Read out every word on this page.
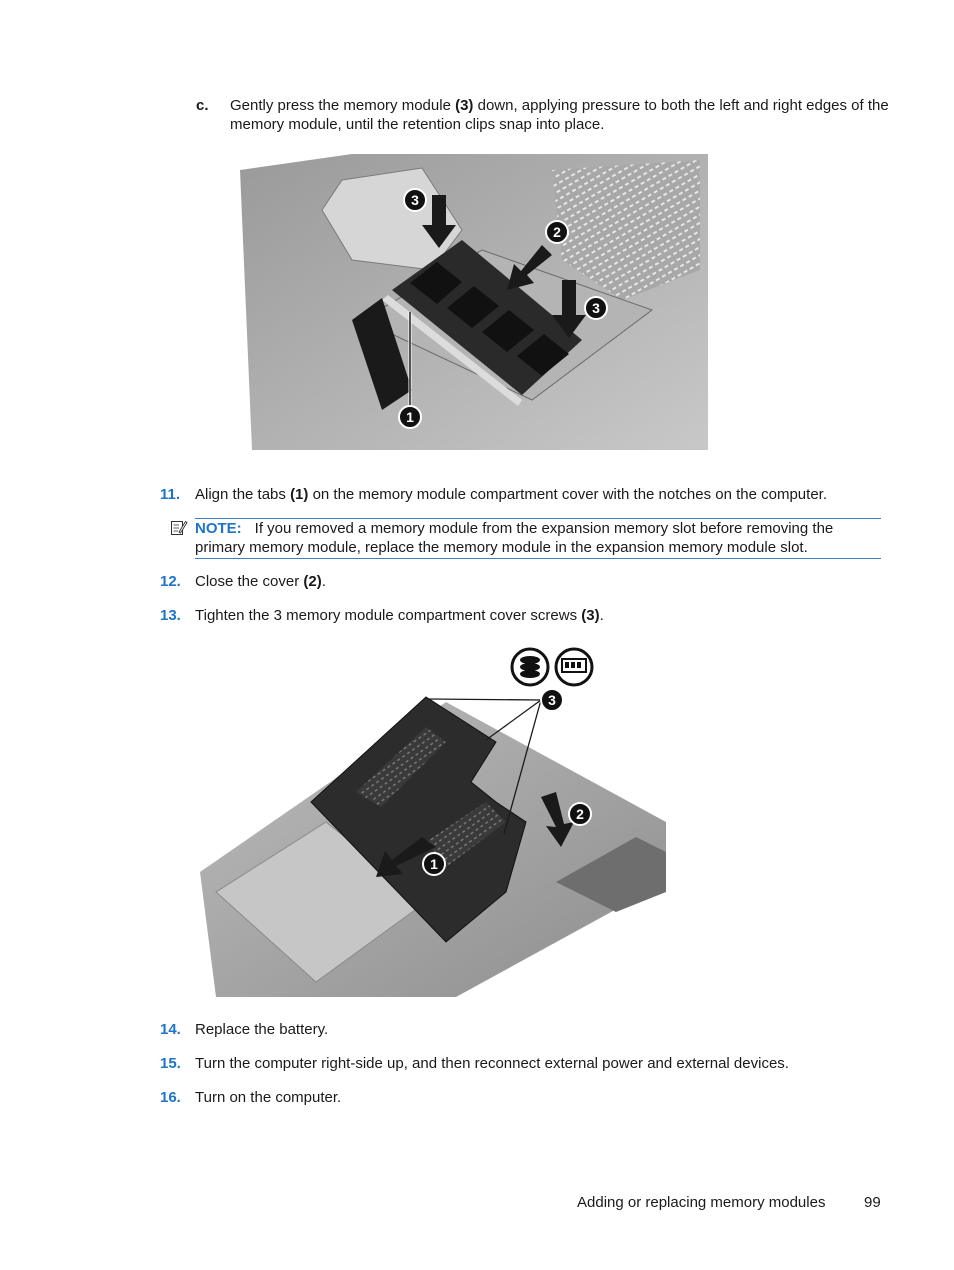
c. Gently press the memory module (3) down, applying pressure to both the left and right edges of the memory module, until the retention clips snap into place.
3
2
3
1
11. Align the tabs (1) on the memory module compartment cover with the notches on the computer.
NOTE: If you removed a memory module from the expansion memory slot before removing the primary memory module, replace the memory module in the expansion memory module slot.
12. Close the cover (2).
13. Tighten the 3 memory module compartment cover screws (3).
3
2
1
14. Replace the battery.
15. Turn the computer right-side up, and then reconnect external power and external devices.
16. Turn on the computer.
Adding or replacing memory modules	99
